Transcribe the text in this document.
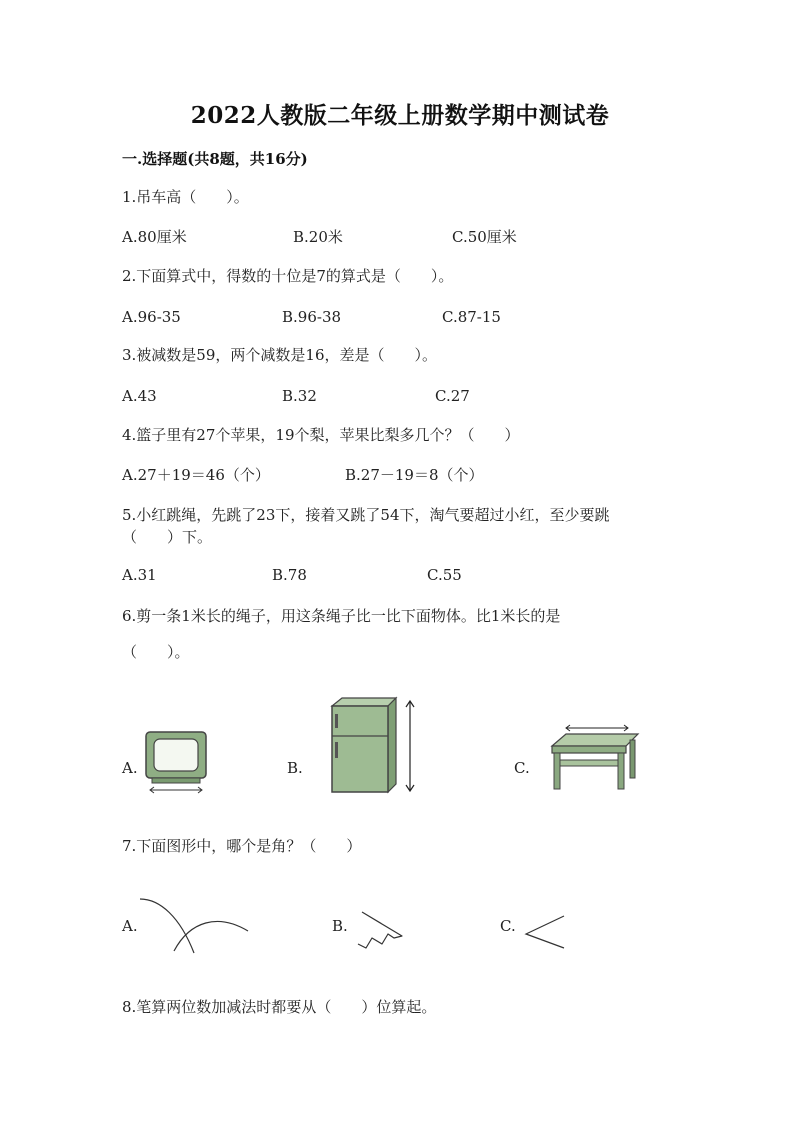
2022人教版二年级上册数学期中测试卷
一.选择题(共8题，共16分)
1.吊车高（　　）。
A.80厘米	B.20米	C.50厘米
2.下面算式中，得数的十位是7的算式是（　　）。
A.96-35	B.96-38	C.87-15
3.被减数是59，两个减数是16，差是（　　）。
A.43	B.32	C.27
4.篮子里有27个苹果，19个梨，苹果比梨多几个？（　　）
A.27＋19＝46（个）	B.27－19＝8（个）
5.小红跳绳，先跳了23下，接着又跳了54下，淘气要超过小红，至少要跳
（　　）下。
A.31	B.78	C.55
6.剪一条1米长的绳子，用这条绳子比一比下面物体。比1米长的是
（　　）。
A.	B.	C.
7.下面图形中，哪个是角？（　　）
A.	B.	C.
8.笔算两位数加减法时都要从（　　）位算起。
